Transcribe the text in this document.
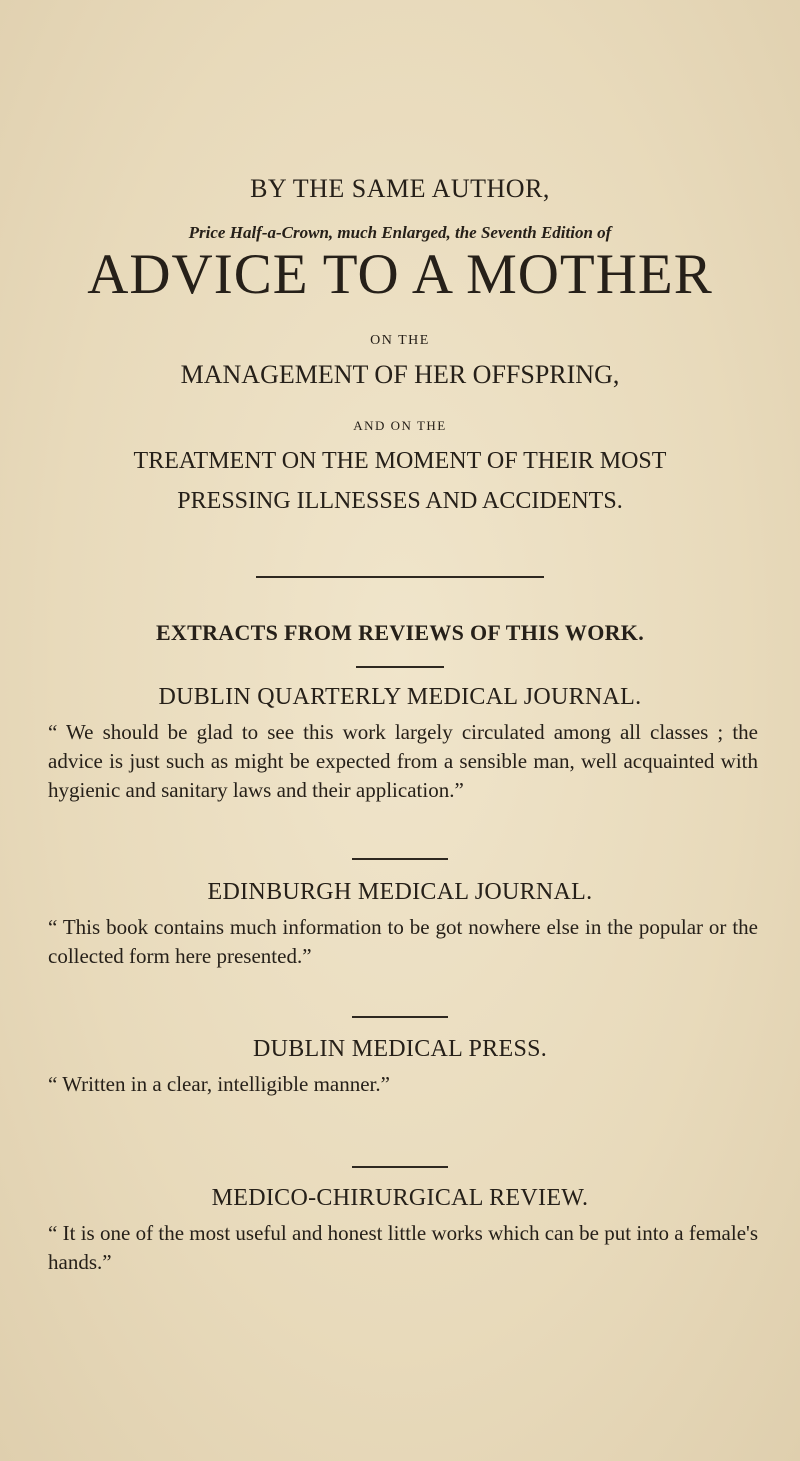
BY THE SAME AUTHOR,

Price Half-a-Crown, much Enlarged, the Seventh Edition of

ADVICE TO A MOTHER

ON THE

MANAGEMENT OF HER OFFSPRING,

AND ON THE

TREATMENT ON THE MOMENT OF THEIR MOST

PRESSING ILLNESSES AND ACCIDENTS.

EXTRACTS FROM REVIEWS OF THIS WORK.

DUBLIN QUARTERLY MEDICAL JOURNAL.

“ We should be glad to see this work largely circulated among all classes ; the advice is just such as might be expected from a sensible man, well acquainted with hygienic and sanitary laws and their application.”

EDINBURGH MEDICAL JOURNAL.

“ This book contains much information to be got nowhere else in the popular or the collected form here presented.”

DUBLIN MEDICAL PRESS.

“ Written in a clear, intelligible manner.”

MEDICO-CHIRURGICAL REVIEW.

“ It is one of the most useful and honest little works which can be put into a female's hands.”
